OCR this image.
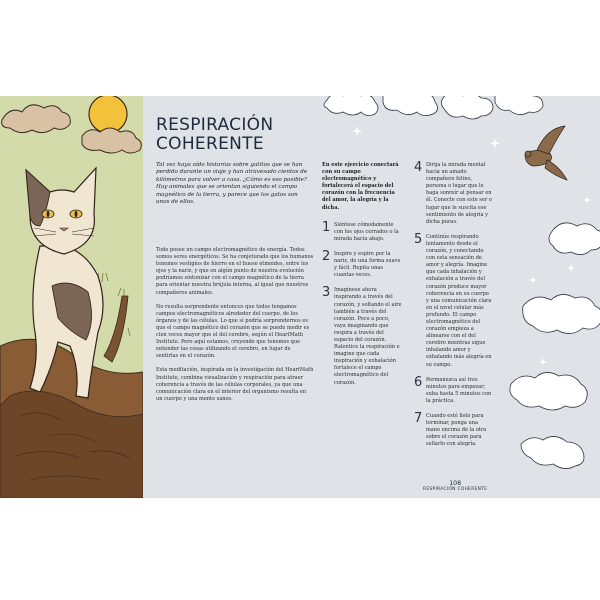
RESPIRACIÓN
COHERENTE

Tal vez haya oído historias sobre gatitos que se han perdido durante un viaje y han atravesado cientos de kilómetros para volver a casa. ¿Cómo es eso posible? Hay animales que se orientan siguiendo el campo magnético de la tierra, y parece que los gatos son unos de ellos.

Todo posee un campo electromagnético de energía. Todos somos seres energéticos. Se ha conjeturado que los humanos tenemos vestigios de hierro en el hueso etmoides, entre los ojos y la nariz, y que en algún punto de nuestra evolución podríamos sintonizar con el campo magnético de la tierra para orientar nuestra brújula interna, al igual que nuestros compañeros animales.

No resulta sorprendente entonces que todos tengamos campos electromagnéticos alrededor del cuerpo, de los órganos y de las células. Lo que sí podría sorprendernos es que el campo magnético del corazón que se puede medir es cien veces mayor que el del cerebro, según el HeartMath Institute. Pero aquí estamos, creyendo que tenemos que entender las cosas utilizando el cerebro, en lugar de sentirlas en el corazón.

Esta meditación, inspirada en la investigación del HeartMath Institute, combina visualización y respiración para atraer coherencia a través de las células corporales, ya que una comunicación clara en el interior del organismo resulta en un cuerpo y una mente sanos.

En este ejercicio conectará con su campo electromagnético y fortalecerá el espacio del corazón con la frecuencia del amor, la alegría y la dicha.

1 Siéntese cómodamente con los ojos cerrados o la mirada hacia abajo.
2 Inspire y espire por la nariz, de una forma suave y fácil. Repita unas cuantas veces.
3 Imagínese ahora inspirando a través del corazón, y soltando el aire también a través del corazón. Poco a poco, vaya imaginando que respira a través del espacio del corazón. Ralentice la respiración e imagine que cada inspiración y exhalación fortalece el campo electromagnético del corazón.
4 Dirija la mirada mental hacia un amado compañero felino, persona o lugar que le haga sonreír al pensar en él. Conecte con este ser o lugar que le suscita ese sentimiento de alegría y dicha puras.
5 Continúe respirando lentamente desde el corazón, y conectando con esta sensación de amor y alegría. Imagine que cada inhalación y exhalación a través del corazón produce mayor coherencia en su cuerpo y una comunicación clara en el nivel celular más profundo. El campo electromagnético del corazón empieza a alinearse con el del cerebro mientras sigue inhalando amor y exhalando más alegría en su campo.
6 Permanezca así tres minutos para empezar; suba hasta 5 minutos con la práctica.
7 Cuando esté listo para terminar, ponga una mano encima de la otra sobre el corazón para sellarlo con alegría.
108
RESPIRACIÓN COHERENTE
